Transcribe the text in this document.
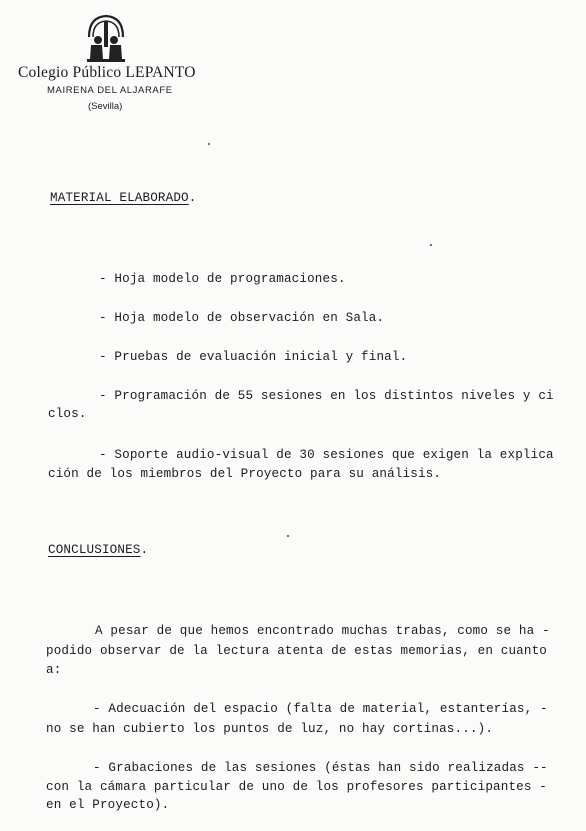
Colegio Público LEPANTO
MAIRENA DEL ALJARAFE
(Sevilla)
MATERIAL ELABORADO.
- Hoja modelo de programaciones.
- Hoja modelo de observación en Sala.
- Pruebas de evaluación inicial y final.
- Programación de 55 sesiones en los distintos niveles y ci
clos.
- Soporte audio-visual de 30 sesiones que exigen la explica
ción de los miembros del Proyecto para su análisis.
CONCLUSIONES.
A pesar de que hemos encontrado muchas trabas, como se ha -
podido observar de la lectura atenta de estas memorias, en cuanto
a:
- Adecuación del espacio (falta de material, estanterías, -
no se han cubierto los puntos de luz, no hay cortinas...).
- Grabaciones de las sesiones (éstas han sido realizadas --
con la cámara particular de uno de los profesores participantes -
en el Proyecto).
